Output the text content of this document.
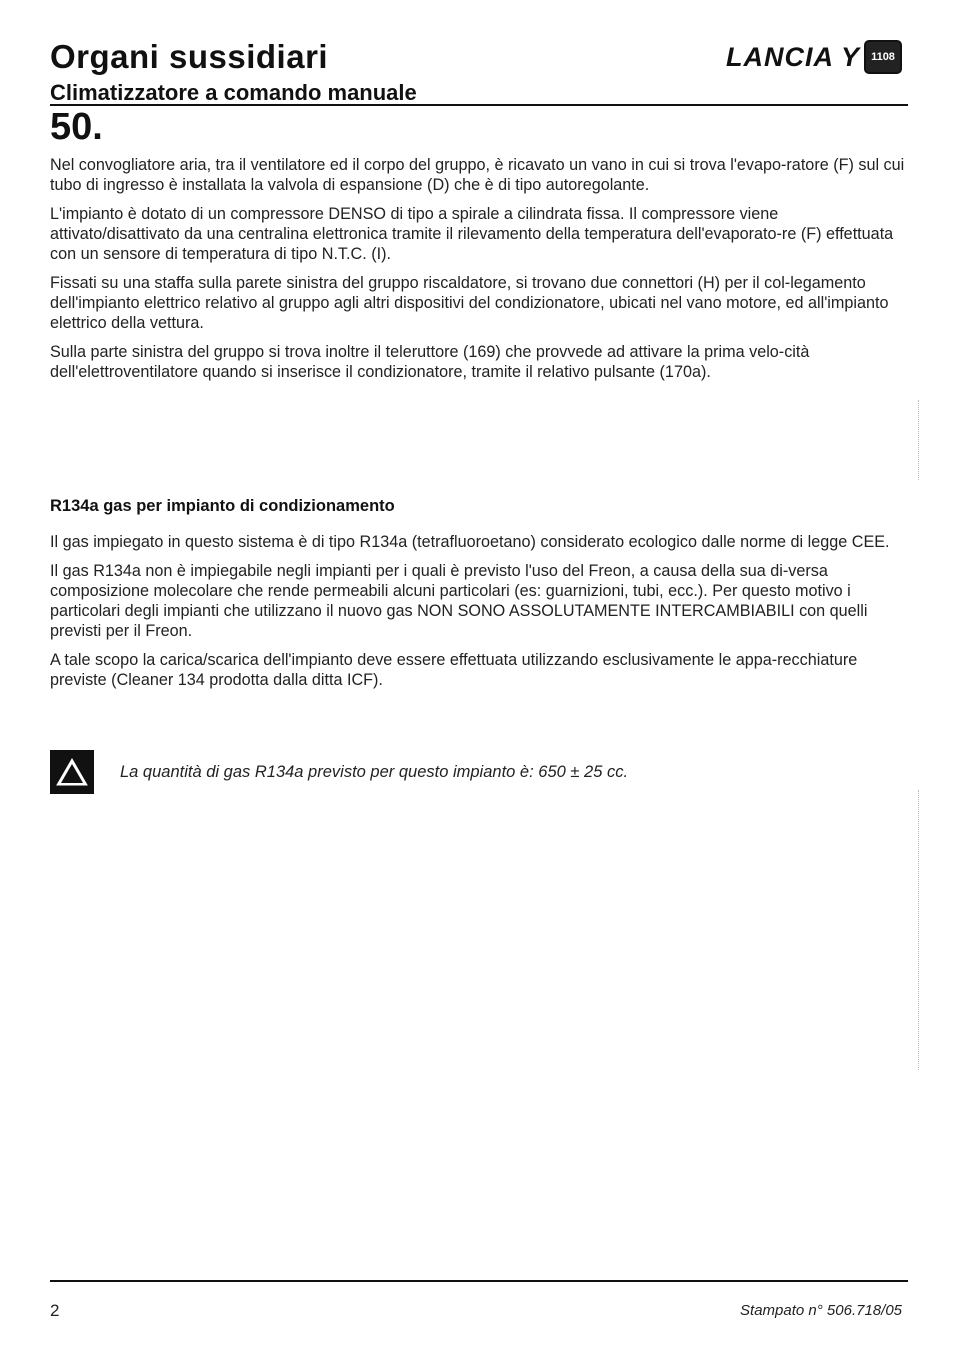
Organi sussidiari
Climatizzatore a comando manuale
LANCIA Y	1108
50.

Nel convogliatore aria, tra il ventilatore ed il corpo del gruppo, è ricavato un vano in cui si trova l'evapo-ratore (F) sul cui tubo di ingresso è installata la valvola di espansione (D) che è di tipo autoregolante.

L'impianto è dotato di un compressore DENSO di tipo a spirale a cilindrata fissa. Il compressore viene attivato/disattivato da una centralina elettronica tramite il rilevamento della temperatura dell'evaporato-re (F) effettuata con un sensore di temperatura di tipo N.T.C. (I).

Fissati su una staffa sulla parete sinistra del gruppo riscaldatore, si trovano due connettori (H) per il col-legamento dell'impianto elettrico relativo al gruppo agli altri dispositivi del condizionatore, ubicati nel vano motore, ed all'impianto elettrico della vettura.

Sulla parte sinistra del gruppo si trova inoltre il teleruttore (169) che provvede ad attivare la prima velo-cità dell'elettroventilatore quando si inserisce il condizionatore, tramite il relativo pulsante (170a).

R134a gas per impianto di condizionamento

Il gas impiegato in questo sistema è di tipo R134a (tetrafluoroetano) considerato ecologico dalle norme di legge CEE.

Il gas R134a non è impiegabile negli impianti per i quali è previsto l'uso del Freon, a causa della sua di-versa composizione molecolare che rende permeabili alcuni particolari (es: guarnizioni, tubi, ecc.). Per questo motivo i particolari degli impianti che utilizzano il nuovo gas NON SONO ASSOLUTAMENTE INTERCAMBIABILI con quelli previsti per il Freon.

A tale scopo la carica/scarica dell'impianto deve essere effettuata utilizzando esclusivamente le appa-recchiature previste (Cleaner 134 prodotta dalla ditta ICF).

La quantità di gas R134a previsto per questo impianto è: 650 ± 25 cc.
2	Stampato n° 506.718/05
